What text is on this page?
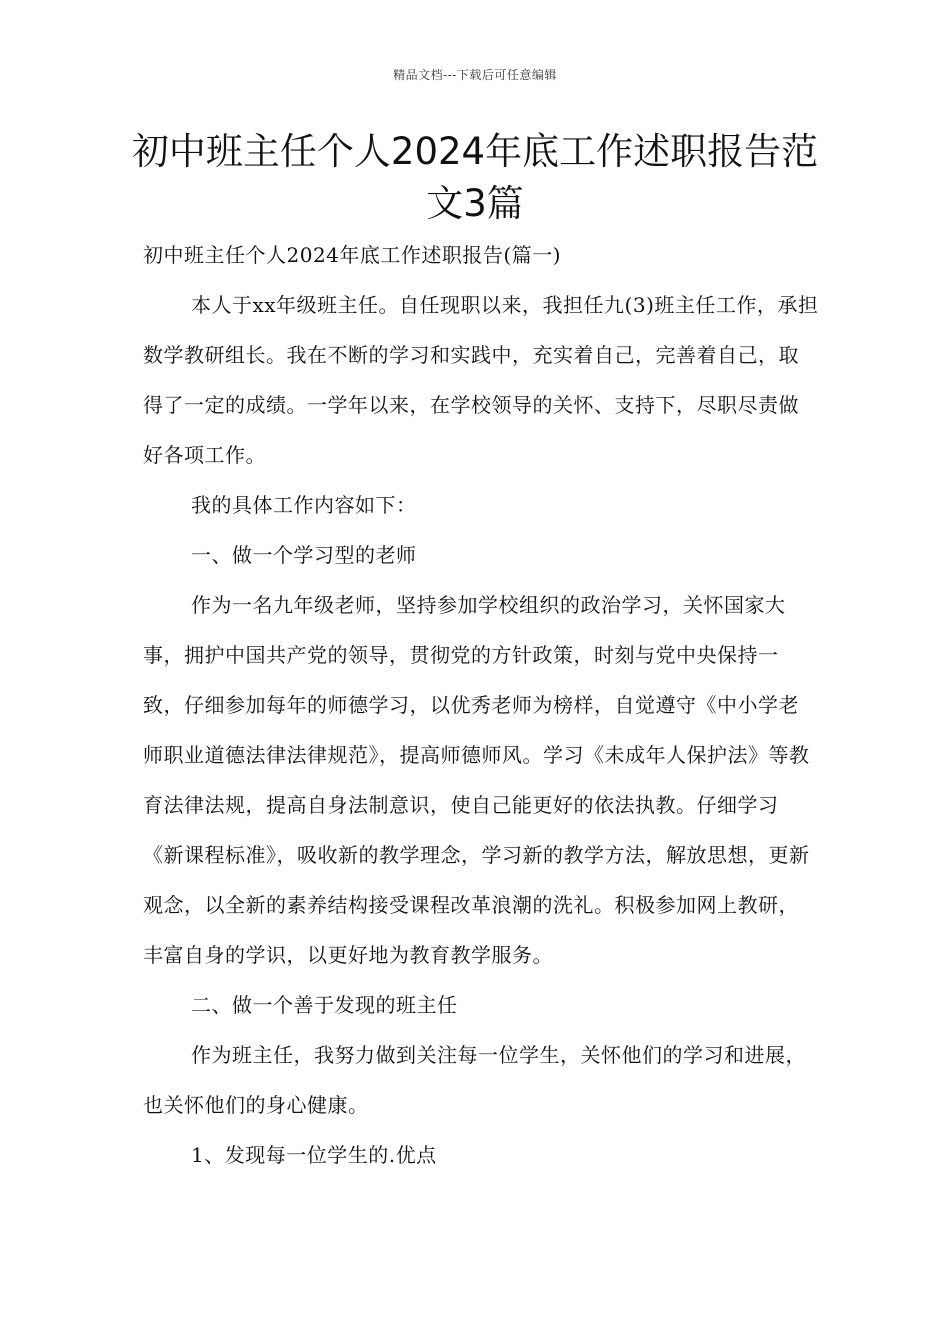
精品文档---下载后可任意编辑
初中班主任个人2024年底工作述职报告范文3篇

初中班主任个人2024年底工作述职报告(篇一)

本人于xx年级班主任。自任现职以来，我担任九(3)班主任工作，承担数学教研组长。我在不断的学习和实践中，充实着自己，完善着自己，取得了一定的成绩。一学年以来，在学校领导的关怀、支持下，尽职尽责做好各项工作。

我的具体工作内容如下：

一、做一个学习型的老师

作为一名九年级老师，坚持参加学校组织的政治学习，关怀国家大事，拥护中国共产党的领导，贯彻党的方针政策，时刻与党中央保持一致，仔细参加每年的师德学习，以优秀老师为榜样，自觉遵守《中小学老师职业道德法律法律规范》，提高师德师风。学习《未成年人保护法》等教育法律法规，提高自身法制意识，使自己能更好的依法执教。仔细学习《新课程标准》，吸收新的教学理念，学习新的教学方法，解放思想，更新观念，以全新的素养结构接受课程改革浪潮的洗礼。积极参加网上教研，丰富自身的学识，以更好地为教育教学服务。

二、做一个善于发现的班主任

作为班主任，我努力做到关注每一位学生，关怀他们的学习和进展，也关怀他们的身心健康。

1、发现每一位学生的.优点
